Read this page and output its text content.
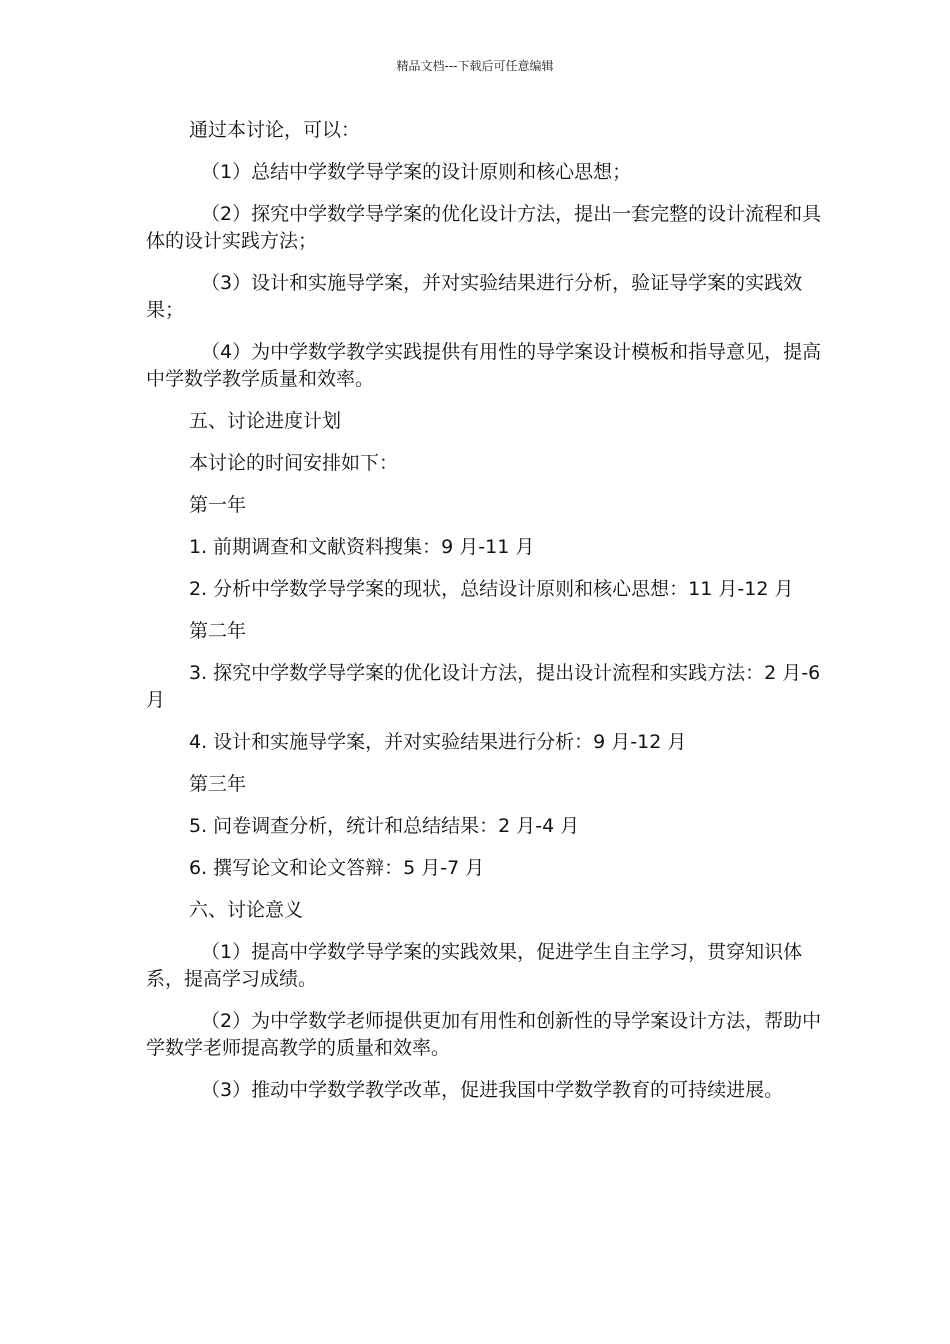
精品文档---下载后可任意编辑

通过本讨论，可以：

（1）总结中学数学导学案的设计原则和核心思想；

（2）探究中学数学导学案的优化设计方法，提出一套完整的设计流程和具体的设计实践方法；

（3）设计和实施导学案，并对实验结果进行分析，验证导学案的实践效果；

（4）为中学数学教学实践提供有用性的导学案设计模板和指导意见，提高中学数学教学质量和效率。

五、讨论进度计划

本讨论的时间安排如下：

第一年

1. 前期调查和文献资料搜集：9 月-11 月

2. 分析中学数学导学案的现状，总结设计原则和核心思想：11 月-12 月

第二年

3. 探究中学数学导学案的优化设计方法，提出设计流程和实践方法：2 月-6 月

4. 设计和实施导学案，并对实验结果进行分析：9 月-12 月

第三年

5. 问卷调查分析，统计和总结结果：2 月-4 月

6. 撰写论文和论文答辩：5 月-7 月

六、讨论意义

（1）提高中学数学导学案的实践效果，促进学生自主学习，贯穿知识体系，提高学习成绩。

（2）为中学数学老师提供更加有用性和创新性的导学案设计方法，帮助中学数学老师提高教学的质量和效率。

（3）推动中学数学教学改革，促进我国中学数学教育的可持续进展。
